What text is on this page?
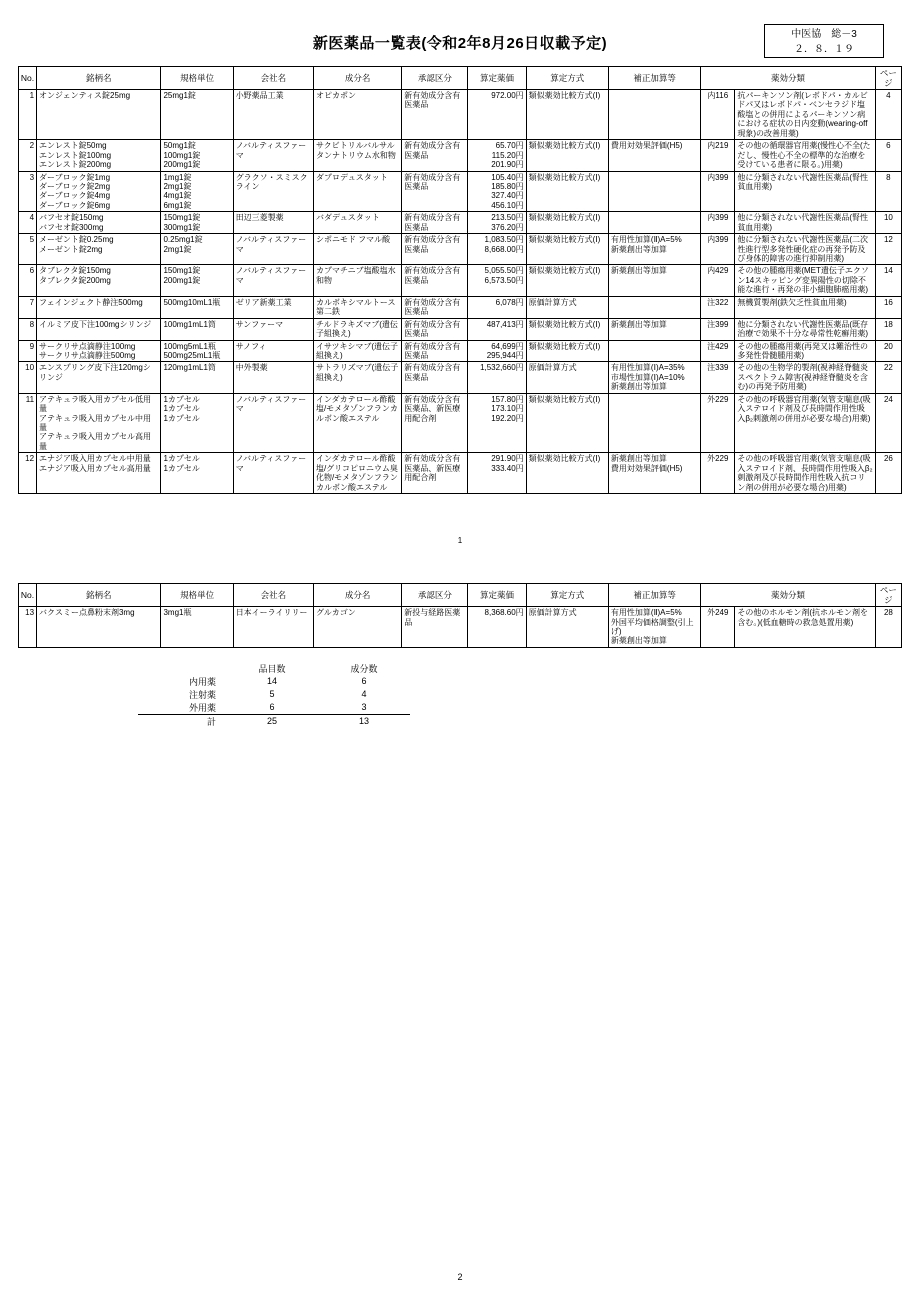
新医薬品一覧表(令和2年8月26日収載予定)
中医協　総－3
２．８．１９
No.	銘柄名	規格単位	会社名	成分名	承認区分	算定薬価	算定方式	補正加算等	薬効分類		ページ

1	オンジェンティス錠25mg	25mg1錠	小野薬品工業	オピカポン	新有効成分含有医薬品	972.00円	類似薬効比較方式(Ⅰ)		内116	抗パーキンソン剤(レボドパ・カルビドパ又はレボドパ・ベンセラジド塩酸塩との併用によるパーキンソン病における症状の日内変動(wearing-off現象)の改善用薬)	4

2	エンレスト錠50mg
エンレスト錠100mg
エンレスト錠200mg	50mg1錠
100mg1錠
200mg1錠	ノバルティスファーマ	サクビトリルバルサルタンナトリウム水和物	新有効成分含有医薬品	65.70円
115.20円
201.90円	類似薬効比較方式(Ⅰ)	費用対効果評価(H5)	内219	その他の循環器官用薬(慢性心不全(ただし、慢性心不全の標準的な治療を受けている患者に限る。)用薬)	6

3	ダーブロック錠1mg
ダーブロック錠2mg
ダーブロック錠4mg
ダーブロック錠6mg	1mg1錠
2mg1錠
4mg1錠
6mg1錠	グラクソ・スミスクライン	ダプロデュスタット	新有効成分含有医薬品	105.40円
185.80円
327.40円
456.10円	類似薬効比較方式(Ⅰ)		内399	他に分類されない代謝性医薬品(腎性貧血用薬)	8

4	バフセオ錠150mg
バフセオ錠300mg	150mg1錠
300mg1錠	田辺三菱製薬	バダデュスタット	新有効成分含有医薬品	213.50円
376.20円	類似薬効比較方式(Ⅰ)		内399	他に分類されない代謝性医薬品(腎性貧血用薬)	10

5	メーゼント錠0.25mg
メーゼント錠2mg	0.25mg1錠
2mg1錠	ノバルティスファーマ	シポニモド フマル酸	新有効成分含有医薬品	1,083.50円
8,668.00円	類似薬効比較方式(Ⅰ)	有用性加算(Ⅱ)A=5%
新薬創出等加算	内399	他に分類されない代謝性医薬品(二次性進行型多発性硬化症の再発予防及び身体的障害の進行抑制用薬)	12

6	タブレクタ錠150mg
タブレクタ錠200mg	150mg1錠
200mg1錠	ノバルティスファーマ	カプマチニブ塩酸塩水和物	新有効成分含有医薬品	5,055.50円
6,573.50円	類似薬効比較方式(Ⅰ)	新薬創出等加算	内429	その他の腫瘍用薬(MET遺伝子エクソン14スキッピング変異陽性の切除不能な進行・再発の非小細胞肺癌用薬)	14

7	フェインジェクト静注500mg	500mg10mL1瓶	ゼリア新薬工業	カルボキシマルトース第二鉄	新有効成分含有医薬品	6,078円	原価計算方式		注322	無機質製剤(鉄欠乏性貧血用薬)	16

8	イルミア皮下注100mgシリンジ	100mg1mL1筒	サンファーマ	チルドラキズマブ(遺伝子組換え)	新有効成分含有医薬品	487,413円	類似薬効比較方式(Ⅰ)	新薬創出等加算	注399	他に分類されない代謝性医薬品(既存治療で効果不十分な尋常性乾癬用薬)	18

9	サークリサ点滴静注100mg
サークリサ点滴静注500mg	100mg5mL1瓶
500mg25mL1瓶	サノフィ	イサツキシマブ(遺伝子組換え)	新有効成分含有医薬品	64,699円
295,944円	類似薬効比較方式(Ⅰ)		注429	その他の腫瘍用薬(再発又は難治性の多発性骨髄腫用薬)	20

10	エンスプリング皮下注120mgシリンジ	120mg1mL1筒	中外製薬	サトラリズマブ(遺伝子組換え)	新有効成分含有医薬品	1,532,660円	原価計算方式	有用性加算(Ⅰ)A=35%
市場性加算(Ⅰ)A=10%
新薬創出等加算	注339	その他の生物学的製剤(視神経脊髄炎スペクトラム障害(視神経脊髄炎を含む)の再発予防用薬)	22

11	アテキュラ吸入用カプセル低用量
アテキュラ吸入用カプセル中用量
アテキュラ吸入用カプセル高用量	1カプセル
1カプセル
1カプセル	ノバルティスファーマ	インダカテロール酢酸塩/モメタゾンフランカルボン酸エステル	新有効成分含有医薬品、新医療用配合剤	157.80円
173.10円
192.20円	類似薬効比較方式(Ⅰ)		外229	その他の呼吸器官用薬(気管支喘息(吸入ステロイド剤及び長時間作用性吸入β₂刺激剤の併用が必要な場合)用薬)	24

12	エナジア吸入用カプセル中用量
エナジア吸入用カプセル高用量	1カプセル
1カプセル	ノバルティスファーマ	インダカテロール酢酸塩/グリコピロニウム臭化物/モメタゾンフランカルボン酸エステル	新有効成分含有医薬品、新医療用配合剤	291.90円
333.40円	類似薬効比較方式(Ⅰ)	新薬創出等加算
費用対効果評価(H5)	外229	その他の呼吸器官用薬(気管支喘息(吸入ステロイド剤、長時間作用性吸入β₂刺激剤及び長時間作用性吸入抗コリン剤の併用が必要な場合)用薬)	26
1
No.	銘柄名	規格単位	会社名	成分名	承認区分	算定薬価	算定方式	補正加算等	薬効分類		ページ

13	バクスミー点鼻粉末剤3mg	3mg1瓶	日本イーライリリー	グルカゴン	新投与経路医薬品	8,368.60円	原価計算方式	有用性加算(Ⅱ)A=5%
外国平均価格調整(引上げ)
新薬創出等加算	外249	その他のホルモン剤(抗ホルモン剤を含む。)(低血糖時の救急処置用薬)	28
	品目数	成分数
内用薬	14	6
注射薬	5	4
外用薬	6	3
計	25	13
2
